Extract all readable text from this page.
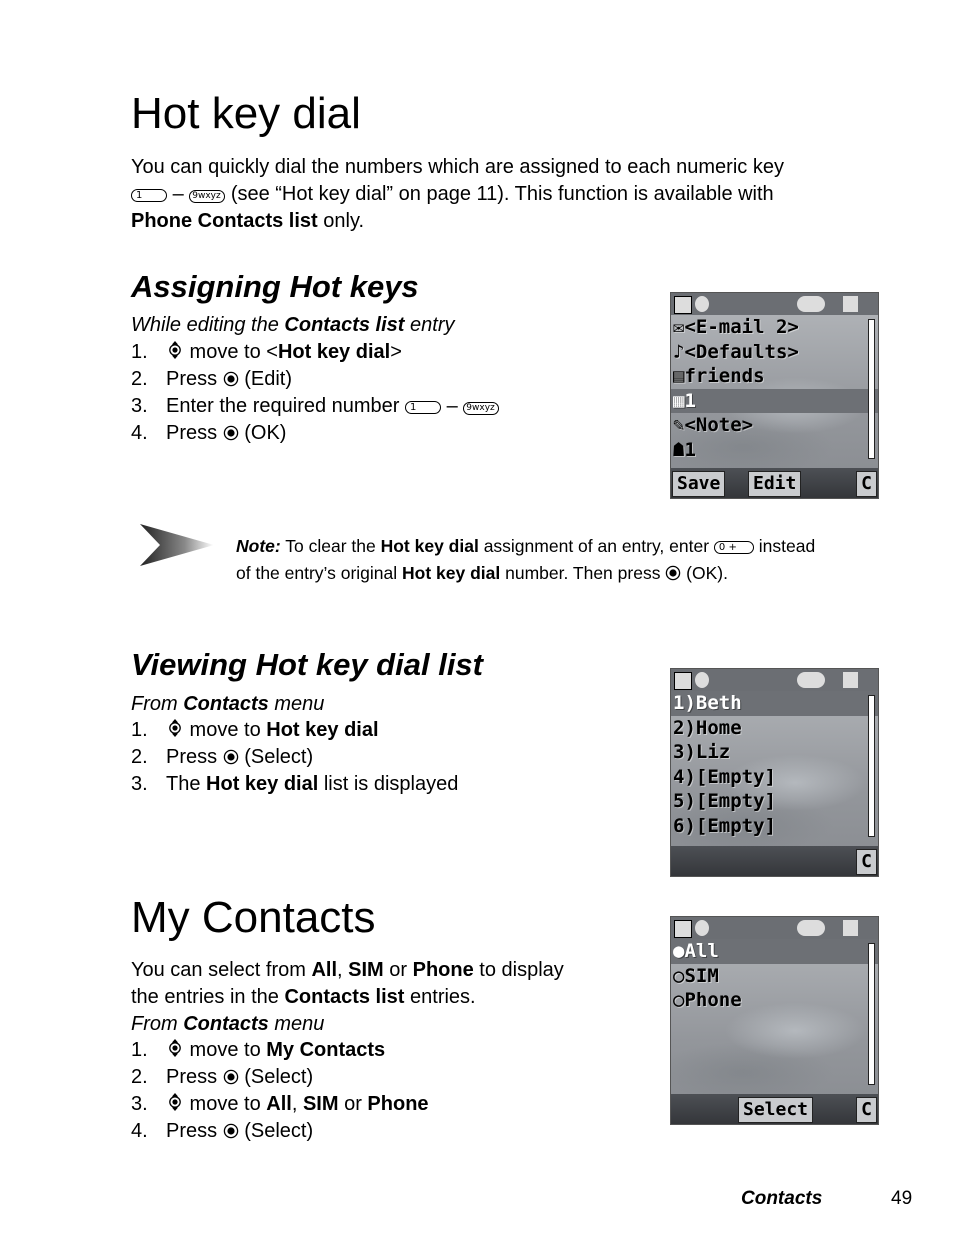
Hot key dial
You can quickly dial the numbers which are assigned to each numeric key
1 – 9wxyz (see “Hot key dial” on page 11). This function is available with
Phone Contacts list only.
Assigning Hot keys
While editing the Contacts list entry
1. move to <Hot key dial>
2. Press  (Edit)
3. Enter the required number 1 – 9wxyz
4. Press  (OK)
✉<E-mail 2>
♪<Defaults>
▤friends
▦1
✎<Note>
☗1
Save Edit	C
Note: To clear the Hot key dial assignment of an entry, enter 0 + instead
of the entry’s original Hot key dial number. Then press  (OK).
Viewing Hot key dial list
From Contacts menu
1. move to Hot key dial
2. Press  (Select)
3. The Hot key dial list is displayed
1)Beth
2)Home
3)Liz
4)[Empty]
5)[Empty]
6)[Empty]
C
My Contacts
You can select from All, SIM or Phone to display
the entries in the Contacts list entries.
From Contacts menu
1. move to My Contacts
2. Press  (Select)
3. move to All, SIM or Phone
4. Press  (Select)
●All
○SIM
○Phone
Select	C
Contacts	49
